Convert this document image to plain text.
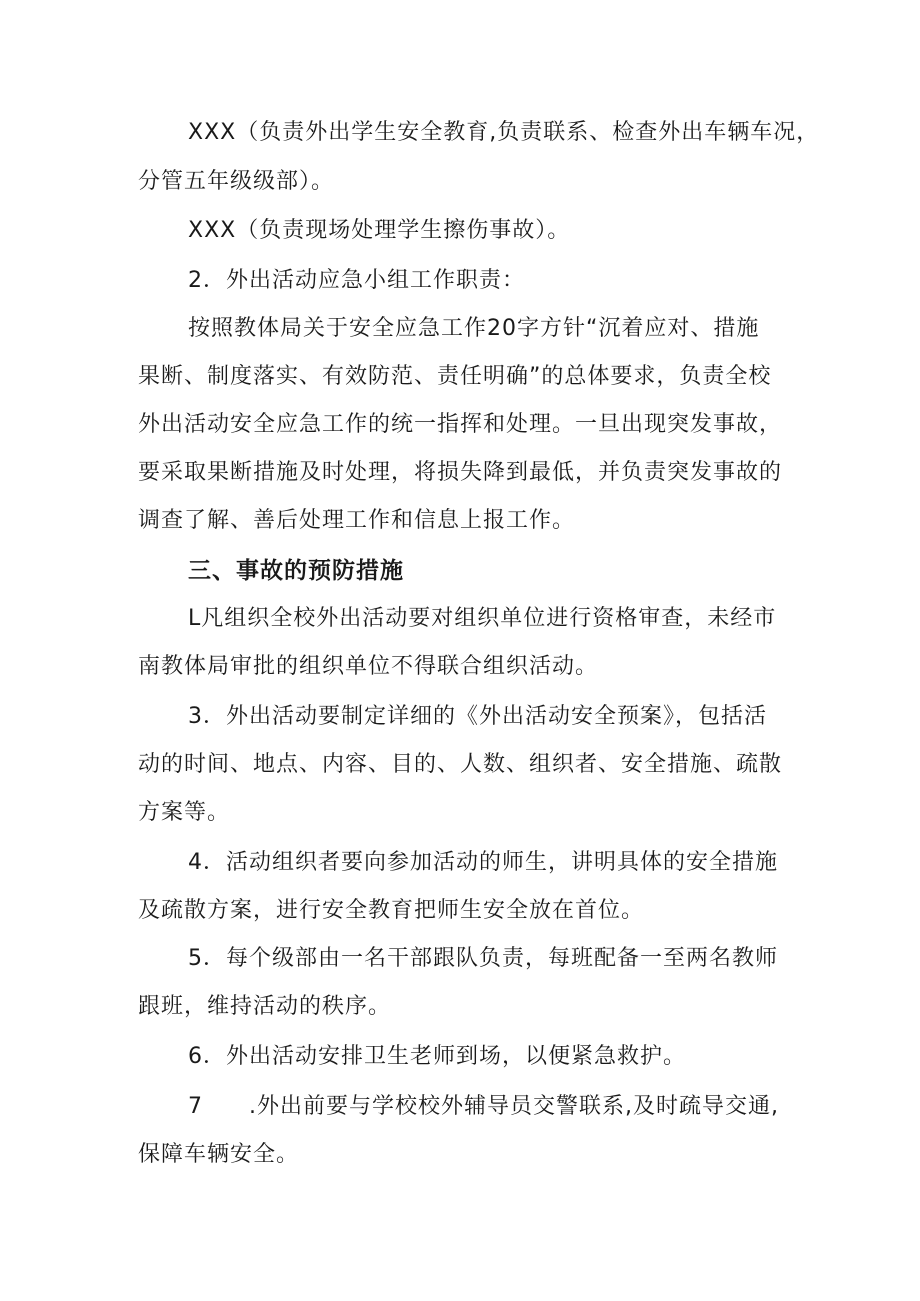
XXX（负责外出学生安全教育,负责联系、检查外出车辆车况，
分管五年级级部）。
XXX（负责现场处理学生擦伤事故）。
2．外出活动应急小组工作职责：
按照教体局关于安全应急工作20字方针“沉着应对、措施
果断、制度落实、有效防范、责任明确”的总体要求，负责全校
外出活动安全应急工作的统一指挥和处理。一旦出现突发事故，
要采取果断措施及时处理，将损失降到最低，并负责突发事故的
调查了解、善后处理工作和信息上报工作。
三、事故的预防措施
L凡组织全校外出活动要对组织单位进行资格审查，未经市
南教体局审批的组织单位不得联合组织活动。
3．外出活动要制定详细的《外出活动安全预案》，包括活
动的时间、地点、内容、目的、人数、组织者、安全措施、疏散
方案等。
4．活动组织者要向参加活动的师生，讲明具体的安全措施
及疏散方案，进行安全教育把师生安全放在首位。
5．每个级部由一名干部跟队负责，每班配备一至两名教师
跟班，维持活动的秩序。
6．外出活动安排卫生老师到场，以便紧急救护。
7　　.外出前要与学校校外辅导员交警联系,及时疏导交通,
保障车辆安全。
